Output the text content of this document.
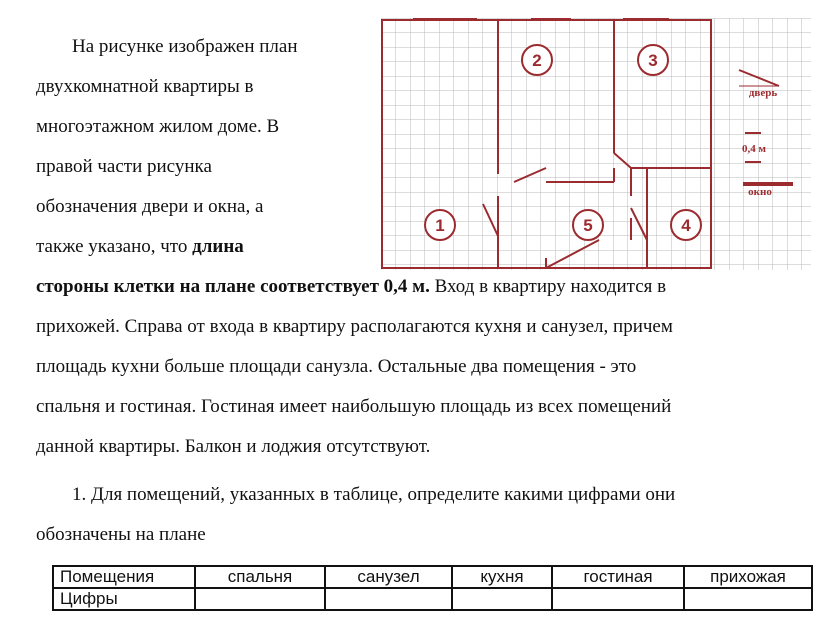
На рисунке изображен план

двухкомнатной квартиры в

многоэтажном жилом доме. В

правой части рисунка

обозначения двери и окна, а

также указано, что длина

стороны клетки на плане соответствует 0,4 м. Вход в квартиру находится в

прихожей. Справа от входа в квартиру располагаются кухня и санузел, причем

площадь кухни больше площади санузла. Остальные два помещения - это

спальня и гостиная. Гостиная имеет наибольшую площадь из всех помещений

данной квартиры. Балкон и лоджия отсутствуют.

1. Для помещений, указанных в таблице, определите какими цифрами они

обозначены на плане

1
2	3
4
5
дверь
0,4 м
окно
Помещения	спальня	санузел	кухня	гостиная	прихожая
Цифры					
